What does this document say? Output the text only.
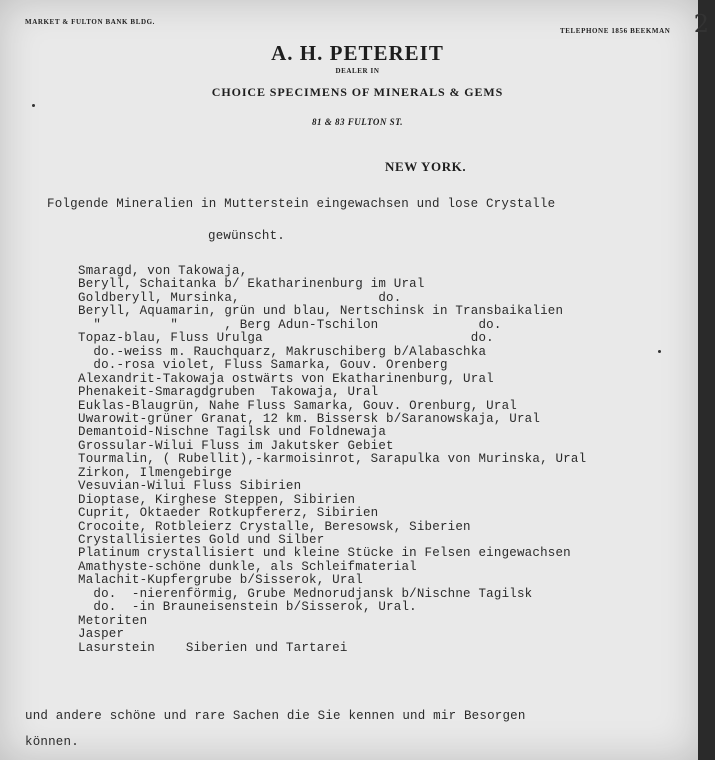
MARKET & FULTON BANK BLDG.
TELEPHONE 1856 BEEKMAN 2
A. H. PETEREIT
DEALER IN
CHOICE SPECIMENS OF MINERALS & GEMS
81 & 83 FULTON ST.
NEW YORK.
Folgende Mineralien in Mutterstein eingewachsen und lose Crystalle
gewünscht.
Smaragd, von Takowaja,
Beryll, Schaitanka b/ Ekatharinenburg im Ural
Goldberyll, Mursinka,                  do.
Beryll, Aquamarin, grün und blau, Nertschinsk in Transbaikalien
"         "      , Berg Adun-Tschilon             do.
Topaz-blau, Fluss Urulga                           do.
do.-weiss m. Rauchquarz, Makruschiberg b/Alabaschka
do.-rosa violet, Fluss Samarka, Gouv. Orenberg
Alexandrit-Takowaja ostwärts von Ekatharinenburg, Ural
Phenakeit-Smaragdgruben  Takowaja, Ural
Euklas-Blaugrün, Nahe Fluss Samarka, Gouv. Orenburg, Ural
Uwarowit-grüner Granat, 12 km. Bissersk b/Saranowskaja, Ural
Demantoid-Nischne Tagilsk und Foldnewaja
Grossular-Wilui Fluss im Jakutsker Gebiet
Tourmalin, ( Rubellit),-karmoisinrot, Sarapulka von Murinska, Ural
Zirkon, Ilmengebirge
Vesuvian-Wilui Fluss Sibirien
Dioptase, Kirghese Steppen, Sibirien
Cuprit, Oktaeder Rotkupfererz, Sibirien
Crocoite, Rotbleierz Crystalle, Beresowsk, Siberien
Crystallisiertes Gold und Silber
Platinum crystallisiert und kleine Stücke in Felsen eingewachsen
Amathyste-schöne dunkle, als Schleifmaterial
Malachit-Kupfergrube b/Sisserok, Ural
do.  -nierenförmig, Grube Mednorudjansk b/Nischne Tagilsk
do.  -in Brauneisenstein b/Sisserok, Ural.
Metoriten
Jasper
Lasurstein    Siberien und Tartarei
und andere schöne und rare Sachen die Sie kennen und mir Besorgen
können.
